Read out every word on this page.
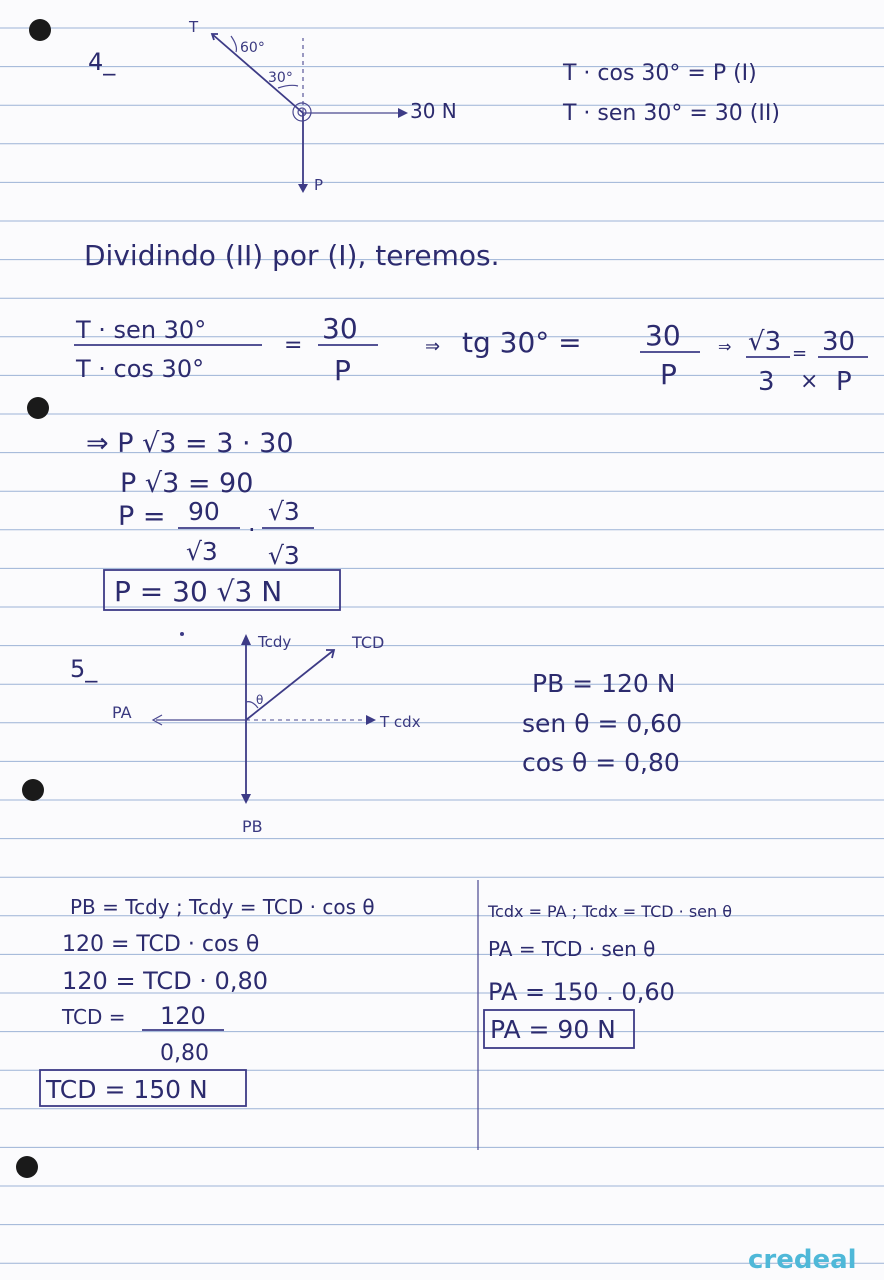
4_
T
60°
30°
30 N
P
T · cos 30° = P (I)
T · sen 30° = 30 (II)
Dividindo (II) por (I), teremos.
T · sen 30°
T · cos 30°
=
30
P
⇒ tg 30° = 30
P
⇒ √3
3
= 30
P
×
⇒ P √3 = 3 · 30
P √3 = 90
P = 90
√3
·
√3
√3
P = 30 √3 N
5_
Tcdy	TCD
PA	T cdx
θ
PB
PB = 120 N
sen θ = 0,60
cos θ = 0,80
PB = Tcdy ; Tcdy = TCD · cos θ
120 = TCD · cos θ
120 = TCD · 0,80
TCD = 120
0,80
TCD = 150 N
Tcdx = PA ; Tcdx = TCD · sen θ
PA = TCD · sen θ
PA = 150 . 0,60
PA = 90 N
credeal
